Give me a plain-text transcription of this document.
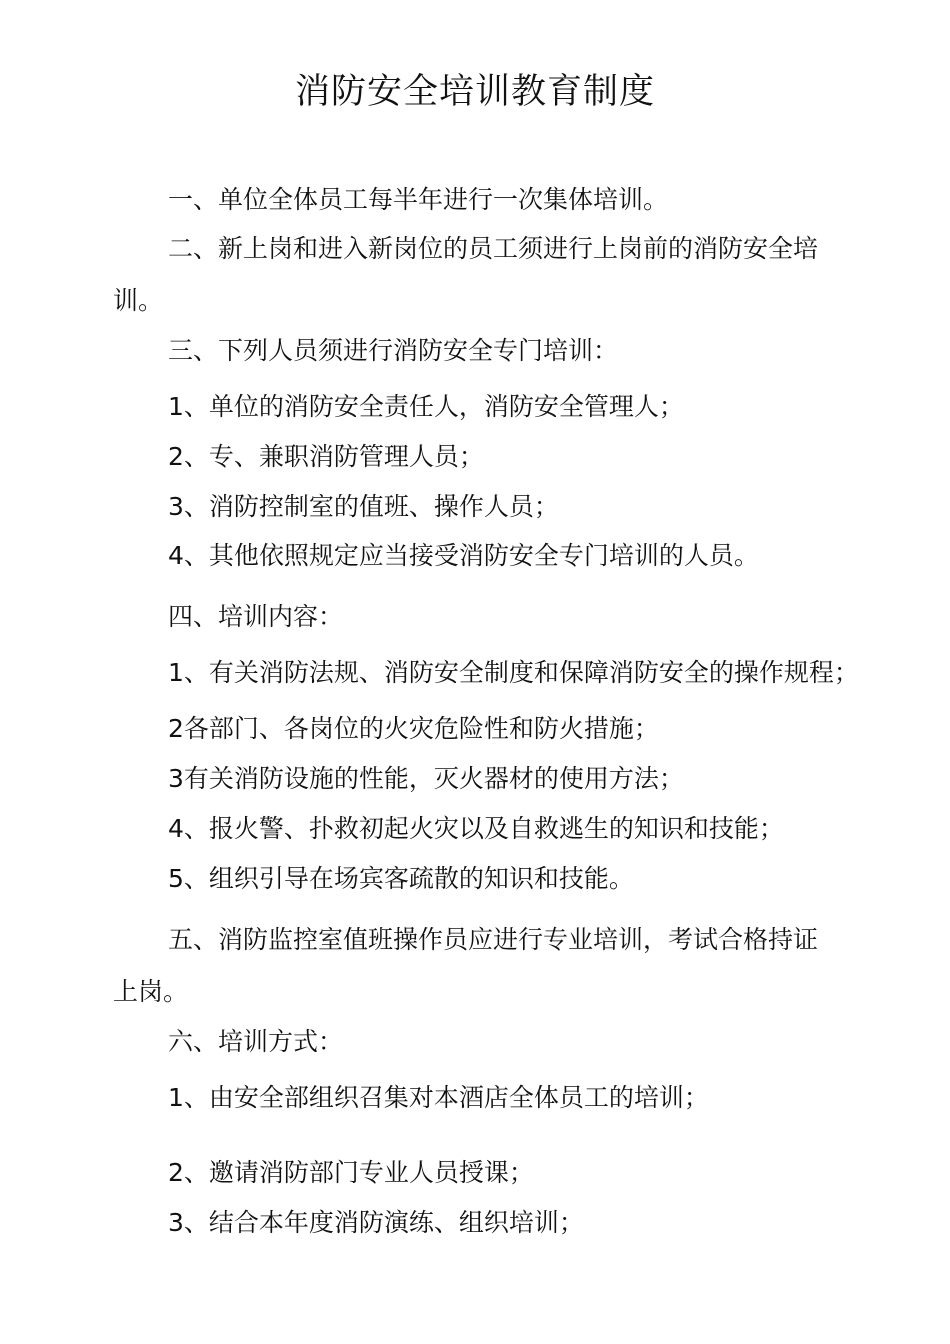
消防安全培训教育制度
一、单位全体员工每半年进行一次集体培训。
二、新上岗和进入新岗位的员工须进行上岗前的消防安全培
训。
三、下列人员须进行消防安全专门培训：
1、单位的消防安全责任人，消防安全管理人；
2、专、兼职消防管理人员；
3、消防控制室的值班、操作人员；
4、其他依照规定应当接受消防安全专门培训的人员。
四、培训内容：
1、有关消防法规、消防安全制度和保障消防安全的操作规程；
2各部门、各岗位的火灾危险性和防火措施；
3有关消防设施的性能，灭火器材的使用方法；
4、报火警、扑救初起火灾以及自救逃生的知识和技能；
5、组织引导在场宾客疏散的知识和技能。
五、消防监控室值班操作员应进行专业培训，考试合格持证
上岗。
六、培训方式：
1、由安全部组织召集对本酒店全体员工的培训；
2、邀请消防部门专业人员授课；
3、结合本年度消防演练、组织培训；
